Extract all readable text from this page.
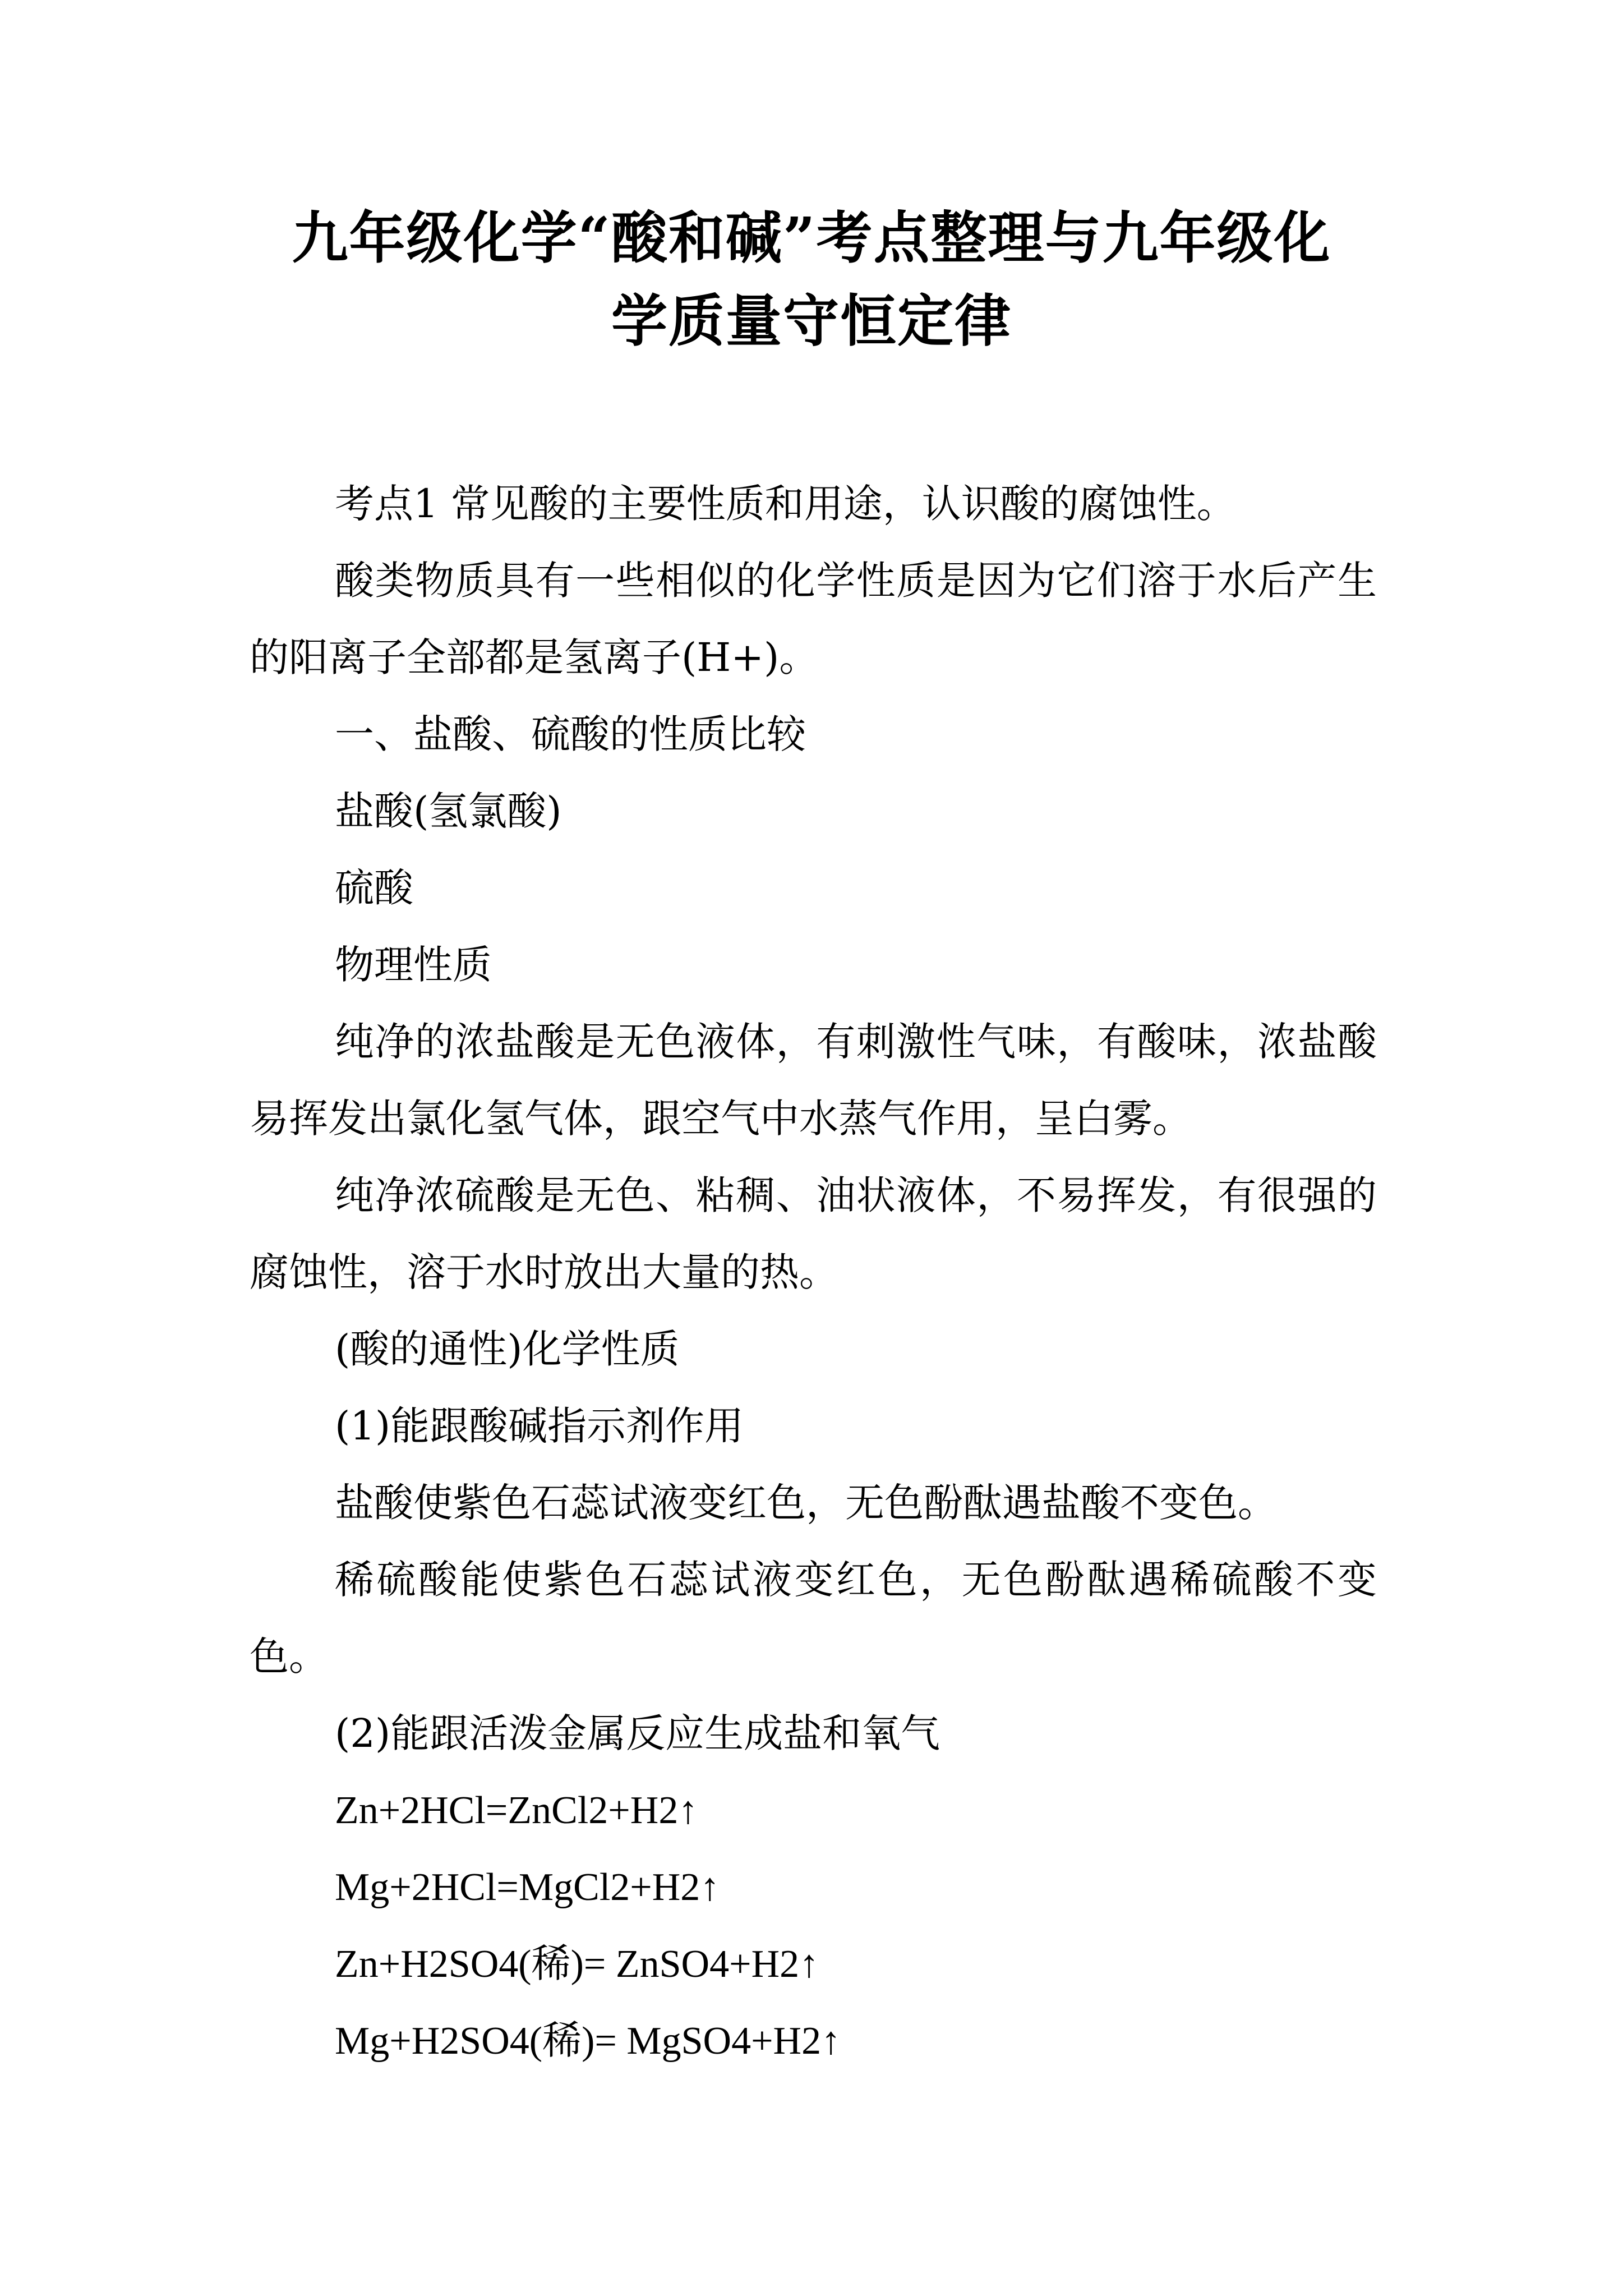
九年级化学“酸和碱”考点整理与九年级化
学质量守恒定律

考点1 常见酸的主要性质和用途，认识酸的腐蚀性。

酸类物质具有一些相似的化学性质是因为它们溶于水后产生的阳离子全部都是氢离子(H+)。

一、盐酸、硫酸的性质比较

盐酸(氢氯酸)

硫酸

物理性质

纯净的浓盐酸是无色液体，有刺激性气味，有酸味，浓盐酸易挥发出氯化氢气体，跟空气中水蒸气作用，呈白雾。

纯净浓硫酸是无色、粘稠、油状液体，不易挥发，有很强的腐蚀性，溶于水时放出大量的热。

(酸的通性)化学性质

(1)能跟酸碱指示剂作用

盐酸使紫色石蕊试液变红色，无色酚酞遇盐酸不变色。

稀硫酸能使紫色石蕊试液变红色，无色酚酞遇稀硫酸不变色。

(2)能跟活泼金属反应生成盐和氧气

Zn+2HCl=ZnCl2+H2↑

Mg+2HCl=MgCl2+H2↑

Zn+H2SO4(稀)= ZnSO4+H2↑

Mg+H2SO4(稀)= MgSO4+H2↑
